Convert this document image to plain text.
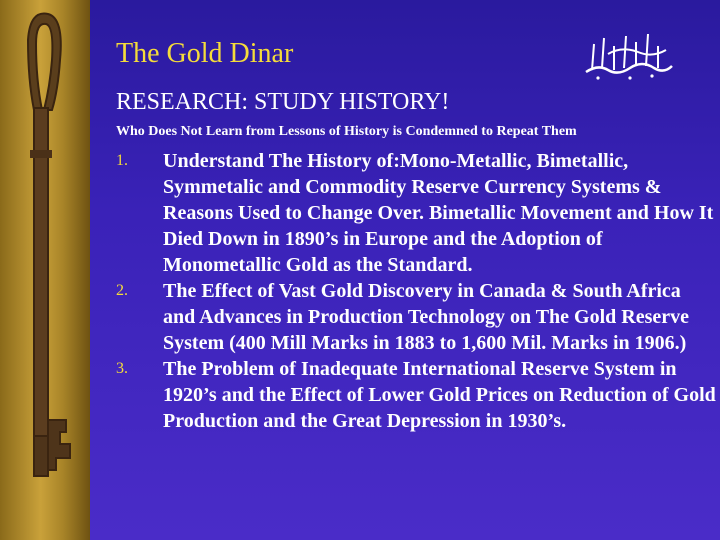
The Gold Dinar
RESEARCH: STUDY HISTORY!
Who Does Not Learn from Lessons of History is Condemned to Repeat Them
1. Understand The History of:Mono-Metallic, Bimetallic, Symmetalic and Commodity Reserve Currency Systems & Reasons Used to Change Over. Bimetallic Movement and How It Died Down in 1890’s in Europe and the Adoption of Monometallic Gold as the Standard.
2. The Effect of Vast Gold Discovery in Canada & South Africa and Advances in Production Technology on The Gold Reserve System (400 Mill Marks in 1883 to 1,600 Mil. Marks in 1906.)
3. The Problem of Inadequate International Reserve System in 1920’s and the Effect of Lower Gold Prices on Reduction of Gold Production and the Great Depression in 1930’s.
